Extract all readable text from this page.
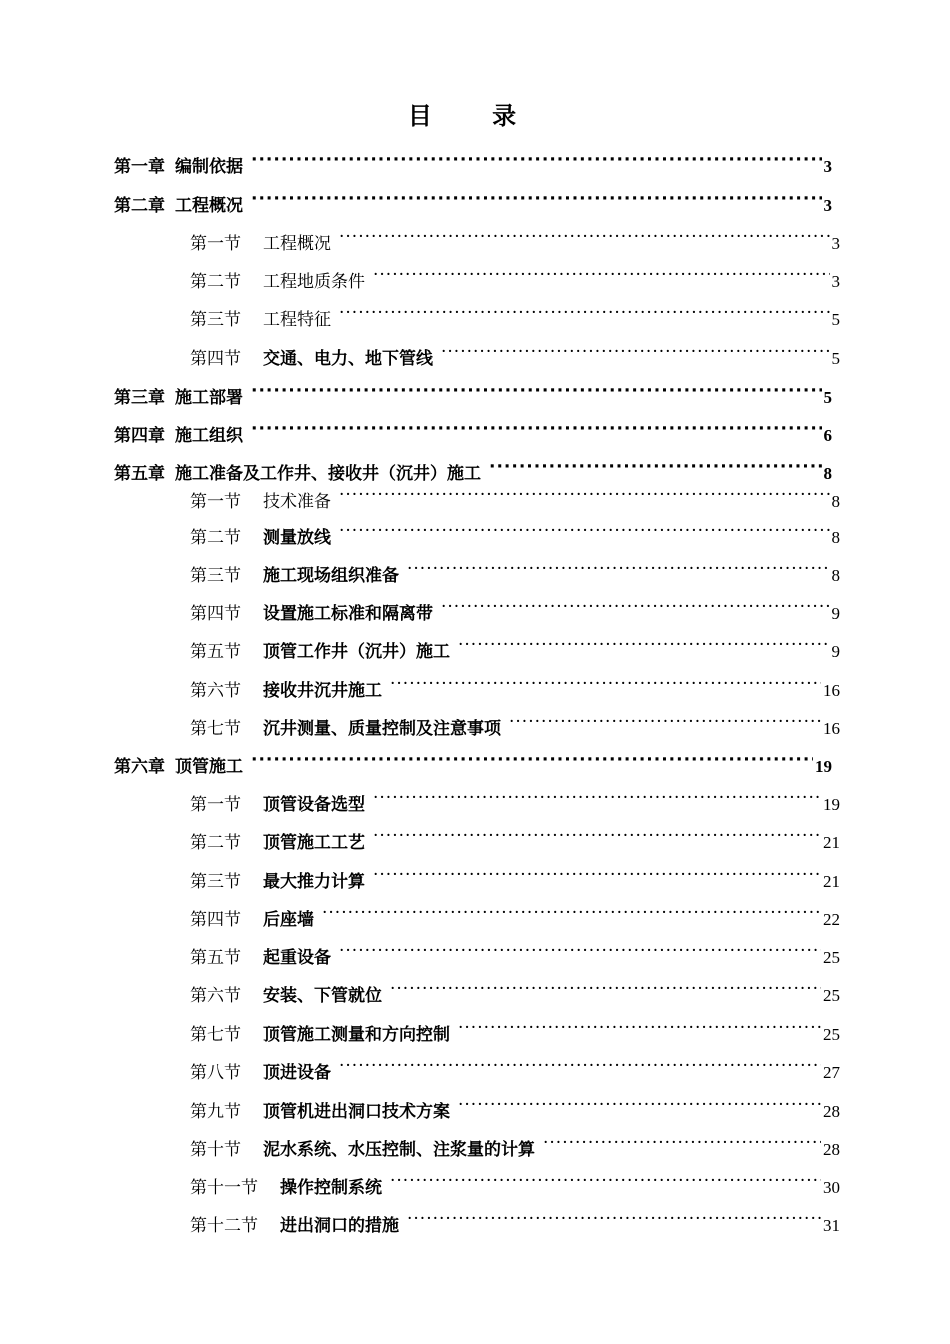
目 录
第一章 编制依据 ·····	3
第二章 工程概况 ·····	3
第一节 工程概况 ·····	3
第二节 工程地质条件 ·····	3
第三节 工程特征 ·····	5
第四节 交通、电力、地下管线 ·····	5
第三章 施工部署 ·····	5
第四章 施工组织 ·····	6
第五章 施工准备及工作井、接收井（沉井）施工 ·····	8
第一节 技术准备 ·····	8
第二节 测量放线 ·····	8
第三节 施工现场组织准备 ·····	8
第四节 设置施工标准和隔离带 ·····	9
第五节 顶管工作井（沉井）施工 ·····	9
第六节 接收井沉井施工 ·····	16
第七节 沉井测量、质量控制及注意事项 ·····	16
第六章 顶管施工 ·····	19
第一节 顶管设备选型 ·····	19
第二节 顶管施工工艺 ·····	21
第三节 最大推力计算 ·····	21
第四节 后座墙 ·····	22
第五节 起重设备 ·····	25
第六节 安装、下管就位 ·····	25
第七节 顶管施工测量和方向控制 ·····	25
第八节 顶进设备 ·····	27
第九节 顶管机进出洞口技术方案 ·····	28
第十节 泥水系统、水压控制、注浆量的计算 ·····	28
第十一节 操作控制系统 ·····	30
第十二节 进出洞口的措施 ·····	31
